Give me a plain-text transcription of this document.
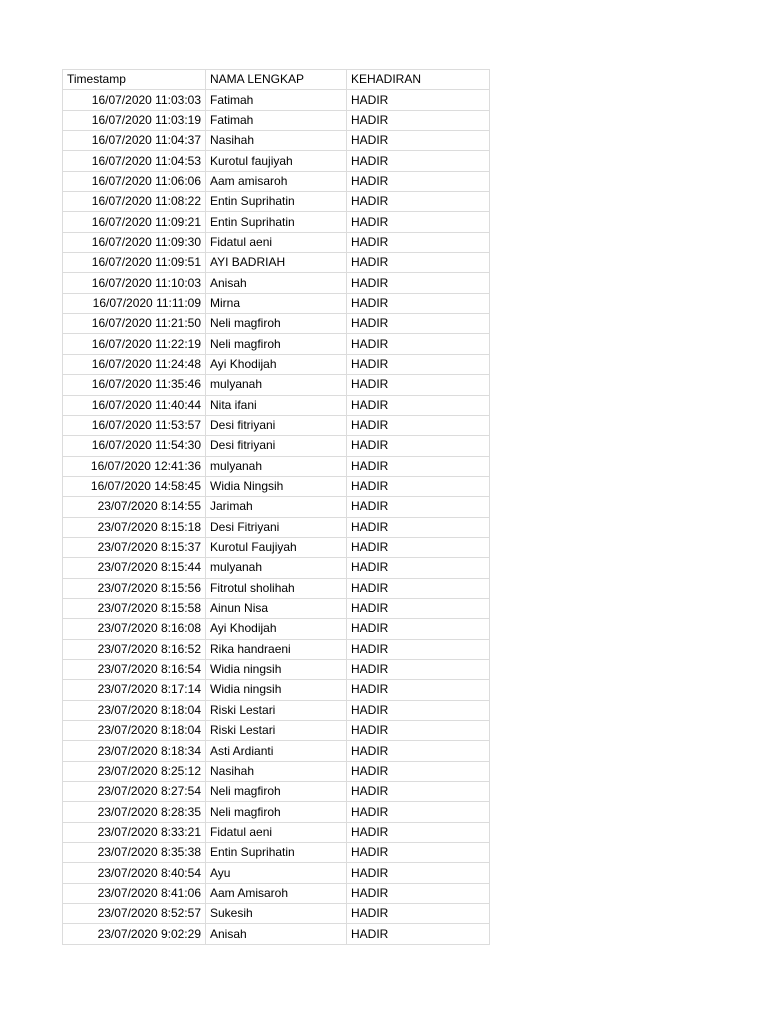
Timestamp	NAMA LENGKAP	KEHADIRAN
16/07/2020 11:03:03	Fatimah	HADIR
16/07/2020 11:03:19	Fatimah	HADIR
16/07/2020 11:04:37	Nasihah	HADIR
16/07/2020 11:04:53	Kurotul faujiyah	HADIR
16/07/2020 11:06:06	Aam amisaroh	HADIR
16/07/2020 11:08:22	Entin Suprihatin	HADIR
16/07/2020 11:09:21	Entin Suprihatin	HADIR
16/07/2020 11:09:30	Fidatul aeni	HADIR
16/07/2020 11:09:51	AYI BADRIAH	HADIR
16/07/2020 11:10:03	Anisah	HADIR
16/07/2020 11:11:09	Mirna	HADIR
16/07/2020 11:21:50	Neli magfiroh	HADIR
16/07/2020 11:22:19	Neli magfiroh	HADIR
16/07/2020 11:24:48	Ayi Khodijah	HADIR
16/07/2020 11:35:46	mulyanah	HADIR
16/07/2020 11:40:44	Nita ifani	HADIR
16/07/2020 11:53:57	Desi fitriyani	HADIR
16/07/2020 11:54:30	Desi fitriyani	HADIR
16/07/2020 12:41:36	mulyanah	HADIR
16/07/2020 14:58:45	Widia Ningsih	HADIR
23/07/2020 8:14:55	Jarimah	HADIR
23/07/2020 8:15:18	Desi Fitriyani	HADIR
23/07/2020 8:15:37	Kurotul Faujiyah	HADIR
23/07/2020 8:15:44	mulyanah	HADIR
23/07/2020 8:15:56	Fitrotul sholihah	HADIR
23/07/2020 8:15:58	Ainun Nisa	HADIR
23/07/2020 8:16:08	Ayi Khodijah	HADIR
23/07/2020 8:16:52	Rika handraeni	HADIR
23/07/2020 8:16:54	Widia ningsih	HADIR
23/07/2020 8:17:14	Widia ningsih	HADIR
23/07/2020 8:18:04	Riski Lestari	HADIR
23/07/2020 8:18:04	Riski Lestari	HADIR
23/07/2020 8:18:34	Asti Ardianti	HADIR
23/07/2020 8:25:12	Nasihah	HADIR
23/07/2020 8:27:54	Neli magfiroh	HADIR
23/07/2020 8:28:35	Neli magfiroh	HADIR
23/07/2020 8:33:21	Fidatul aeni	HADIR
23/07/2020 8:35:38	Entin Suprihatin	HADIR
23/07/2020 8:40:54	Ayu	HADIR
23/07/2020 8:41:06	Aam Amisaroh	HADIR
23/07/2020 8:52:57	Sukesih	HADIR
23/07/2020 9:02:29	Anisah	HADIR
